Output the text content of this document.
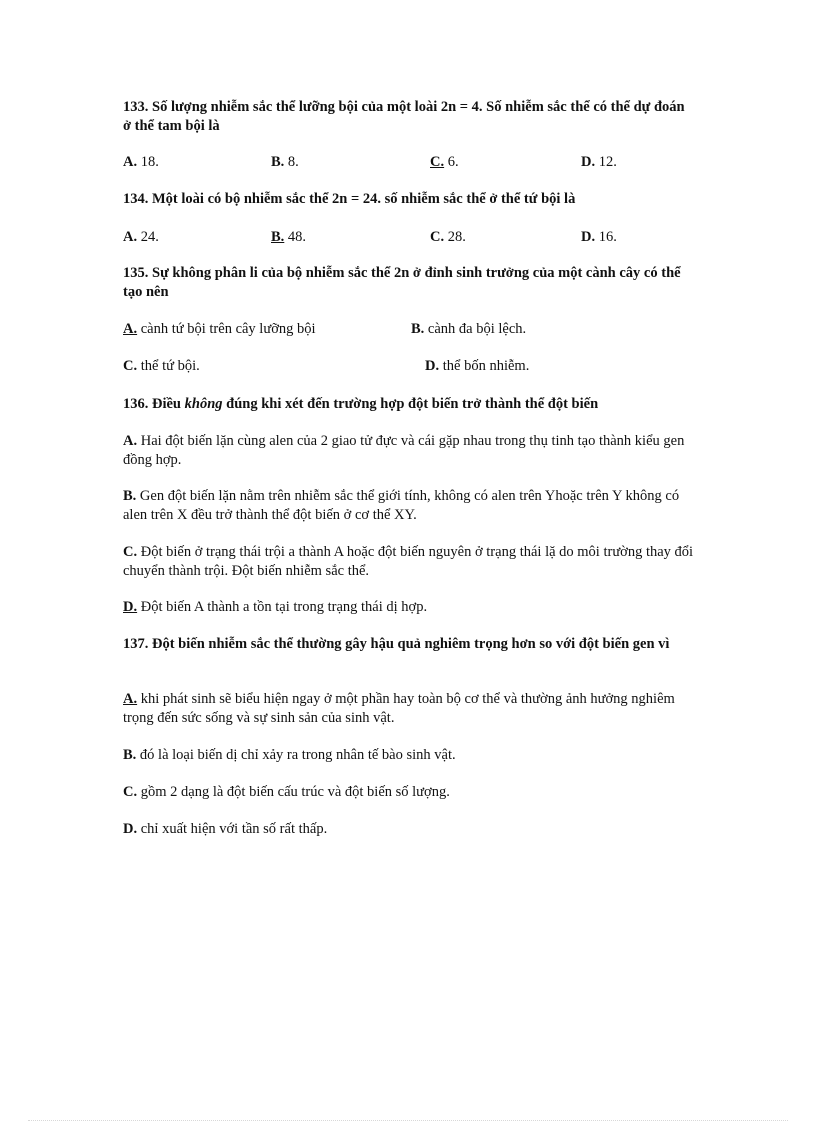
133. Số lượng nhiễm sắc thể lưỡng bội của một loài 2n = 4. Số nhiễm sắc thể có thể dự đoán ở thể tam bội là
A. 18.	B. 8.	C. 6.	D. 12.
134. Một loài có bộ nhiễm sắc thể 2n = 24. số nhiễm sắc thể ở thể tứ bội là
A. 24.	B. 48.	C. 28.	D. 16.
135. Sự không phân li của bộ nhiễm sắc thể 2n ở đỉnh sinh trưởng của một cành cây có thể tạo nên
A. cành tứ bội trên cây lưỡng bội	B. cành đa bội lệch.
C. thể tứ bội.	D. thể bốn nhiễm.
136. Điều không đúng khi xét đến trường hợp đột biến trở thành thể đột biến
A. Hai đột biến lặn cùng alen của 2 giao tử đực và cái gặp nhau trong thụ tinh tạo thành kiểu gen đồng hợp.
B. Gen đột biến lặn nằm trên nhiễm sắc thể giới tính, không có alen trên Yhoặc trên Y không có alen trên X đều trở thành thể đột biến ở cơ thể XY.
C. Đột biến ở trạng thái trội a thành A hoặc đột biến nguyên ở trạng thái lặ do môi trường thay đổi chuyển thành trội. Đột biến nhiễm sắc thể.
D. Đột biến A thành a tồn tại trong trạng thái dị hợp.
137. Đột biến nhiễm sắc thể thường gây hậu quả nghiêm trọng hơn so với đột biến gen vì
A. khi phát sinh sẽ biểu hiện ngay ở một phần hay toàn bộ cơ thể và thường ảnh hưởng nghiêm trọng đến sức sống và sự sinh sản của sinh vật.
B. đó là loại biến dị chỉ xảy ra trong nhân tế bào sinh vật.
C. gồm 2 dạng là đột biến cấu trúc và đột biến số lượng.
D. chỉ xuất hiện với tần số rất thấp.
